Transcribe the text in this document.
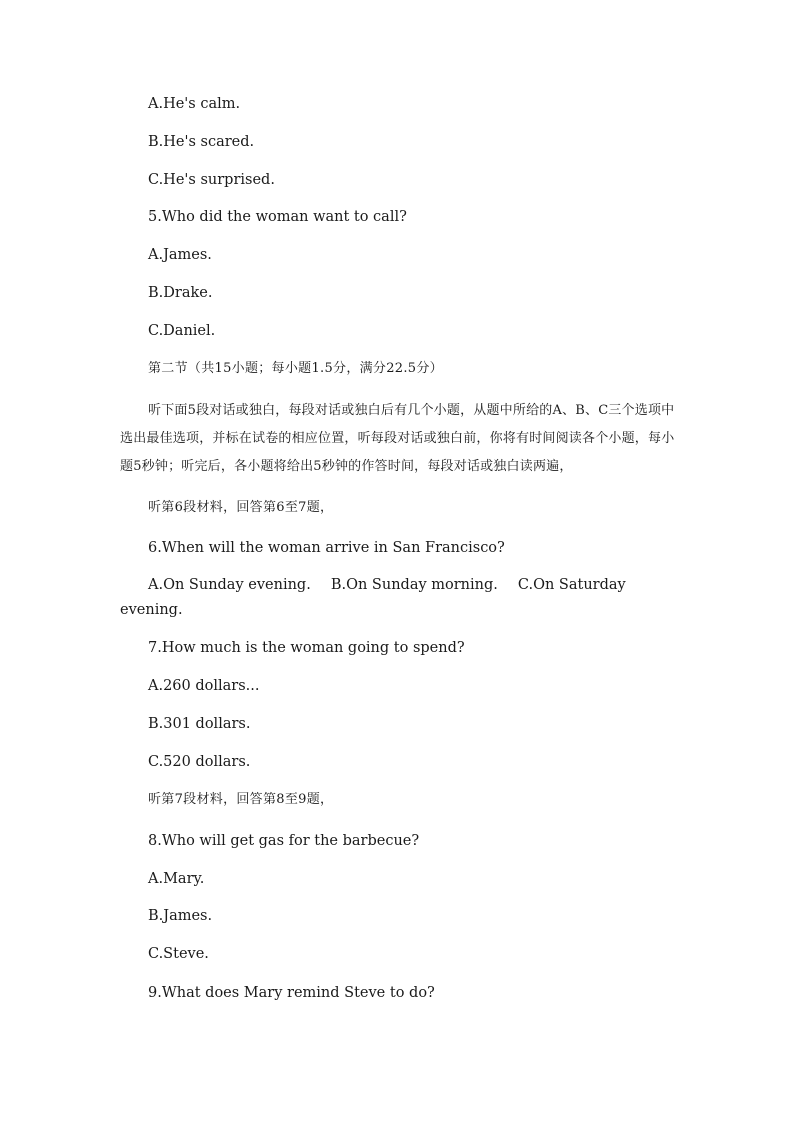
A.He's calm.
B.He's scared.
C.He's surprised.
5.Who did the woman want to call?
A.James.
B.Drake.
C.Daniel.
第二节（共15小题；每小题1.5分，满分22.5分）
听下面5段对话或独白，每段对话或独白后有几个小题，从题中所给的A、B、C三个选项中选出最佳选项，并标在试卷的相应位置，听每段对话或独白前，你将有时间阅读各个小题，每小题5秒钟；听完后，各小题将给出5秒钟的作答时间，每段对话或独白读两遍，
听第6段材料，回答第6至7题，
6.When will the woman arrive in San Francisco?
A.On Sunday evening. B.On Sunday morning. C.On Saturday evening.
7.How much is the woman going to spend?
A.260 dollars...
B.301 dollars.
C.520 dollars.
听第7段材料，回答第8至9题，
8.Who will get gas for the barbecue?
A.Mary.
B.James.
C.Steve.
9.What does Mary remind Steve to do?
